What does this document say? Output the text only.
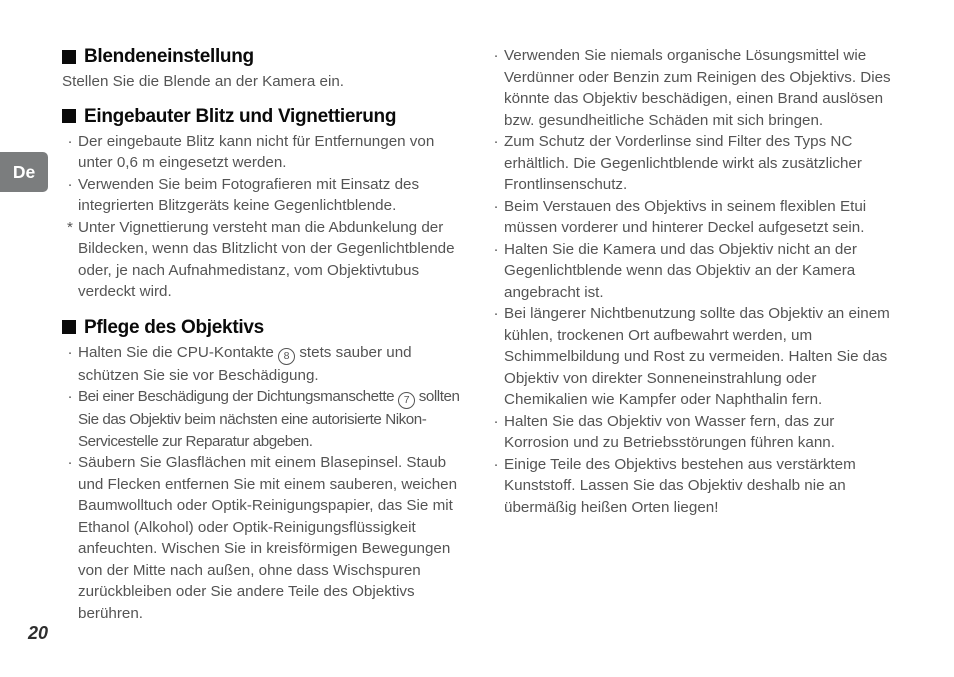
De
Blendeneinstellung

Stellen Sie die Blende an der Kamera ein.

Eingebauter Blitz und Vignettierung
· Der eingebaute Blitz kann nicht für Entfernungen von unter 0,6 m eingesetzt werden.
· Verwenden Sie beim Fotografieren mit Einsatz des integrierten Blitzgeräts keine Gegenlichtblende.
* Unter Vignettierung versteht man die Abdunkelung der Bildecken, wenn das Blitzlicht von der Gegenlichtblende oder, je nach Aufnahmedistanz, vom Objektivtubus verdeckt wird.
Pflege des Objektivs
· Halten Sie die CPU-Kontakte 8 stets sauber und schützen Sie sie vor Beschädigung.
· Bei einer Beschädigung der Dichtungsmanschette 7 sollten Sie das Objektiv beim nächsten eine autorisierte Nikon-Servicestelle zur Reparatur abgeben.
· Säubern Sie Glasflächen mit einem Blasepinsel. Staub und Flecken entfernen Sie mit einem sauberen, weichen Baumwolltuch oder Optik-Reinigungspapier, das Sie mit Ethanol (Alkohol) oder Optik-Reinigungsflüssigkeit anfeuchten. Wischen Sie in kreisförmigen Bewegungen von der Mitte nach außen, ohne dass Wischspuren zurückbleiben oder Sie andere Teile des Objektivs berühren.
· Verwenden Sie niemals organische Lösungsmittel wie Verdünner oder Benzin zum Reinigen des Objektivs. Dies könnte das Objektiv beschädigen, einen Brand auslösen bzw. gesundheitliche Schäden mit sich bringen.
· Zum Schutz der Vorderlinse sind Filter des Typs NC erhältlich. Die Gegenlichtblende wirkt als zusätzlicher Frontlinsenschutz.
· Beim Verstauen des Objektivs in seinem flexiblen Etui müssen vorderer und hinterer Deckel aufgesetzt sein.
· Halten Sie die Kamera und das Objektiv nicht an der Gegenlichtblende wenn das Objektiv an der Kamera angebracht ist.
· Bei längerer Nichtbenutzung sollte das Objektiv an einem kühlen, trockenen Ort aufbewahrt werden, um Schimmelbildung und Rost zu vermeiden. Halten Sie das Objektiv von direkter Sonneneinstrahlung oder Chemikalien wie Kampfer oder Naphthalin fern.
· Halten Sie das Objektiv von Wasser fern, das zur Korrosion und zu Betriebsstörungen führen kann.
· Einige Teile des Objektivs bestehen aus verstärktem Kunststoff. Lassen Sie das Objektiv deshalb nie an übermäßig heißen Orten liegen!
20
